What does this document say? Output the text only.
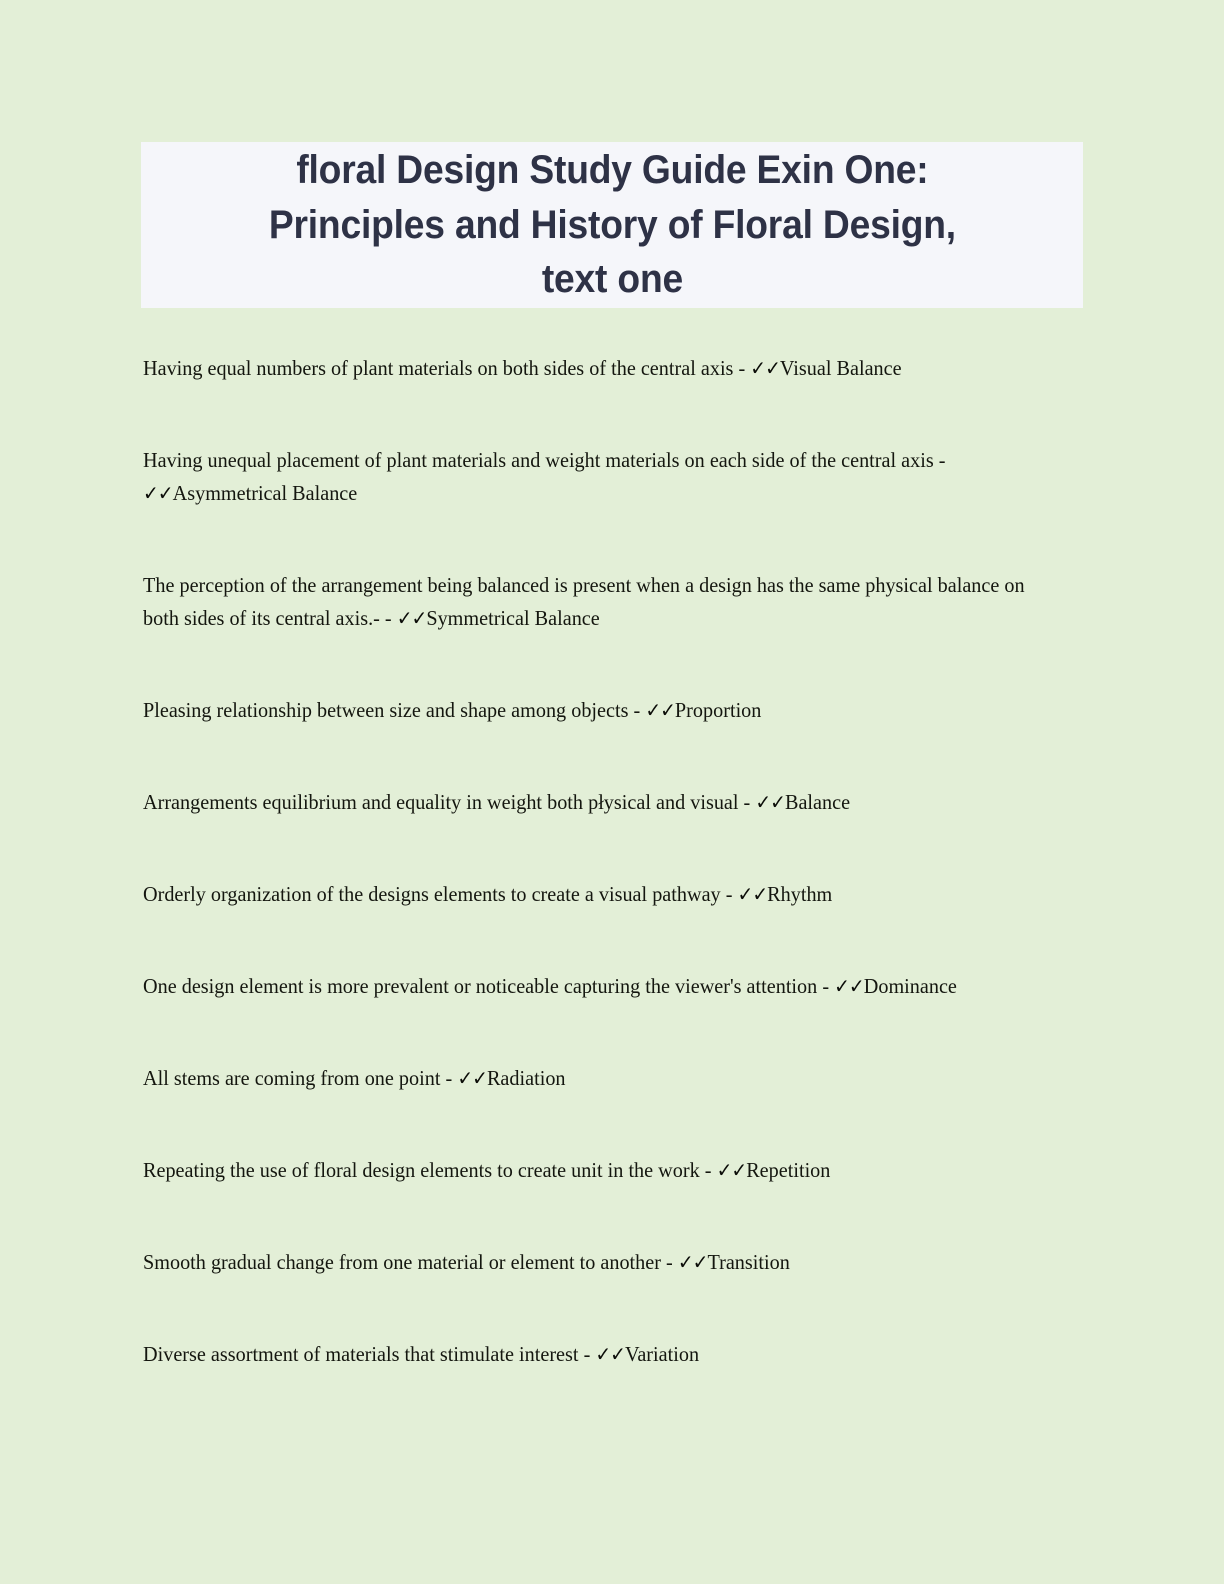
floral Design Study Guide Exin One:
Principles and History of Floral Design,
text one

Having equal numbers of plant materials on both sides of the central axis - ✓✓Visual Balance

Having unequal placement of plant materials and weight materials on each side of the central axis - ✓✓Asymmetrical Balance

The perception of the arrangement being balanced is present when a design has the same physical balance on both sides of its central axis.- - ✓✓Symmetrical Balance

Pleasing relationship between size and shape among objects - ✓✓Proportion

Arrangements equilibrium and equality in weight both płysical and visual - ✓✓Balance

Orderly organization of the designs elements to create a visual pathway - ✓✓Rhythm

One design element is more prevalent or noticeable capturing the viewer's attention - ✓✓Dominance

All stems are coming from one point - ✓✓Radiation

Repeating the use of floral design elements to create unit in the work - ✓✓Repetition

Smooth gradual change from one material or element to another - ✓✓Transition

Diverse assortment of materials that stimulate interest - ✓✓Variation
